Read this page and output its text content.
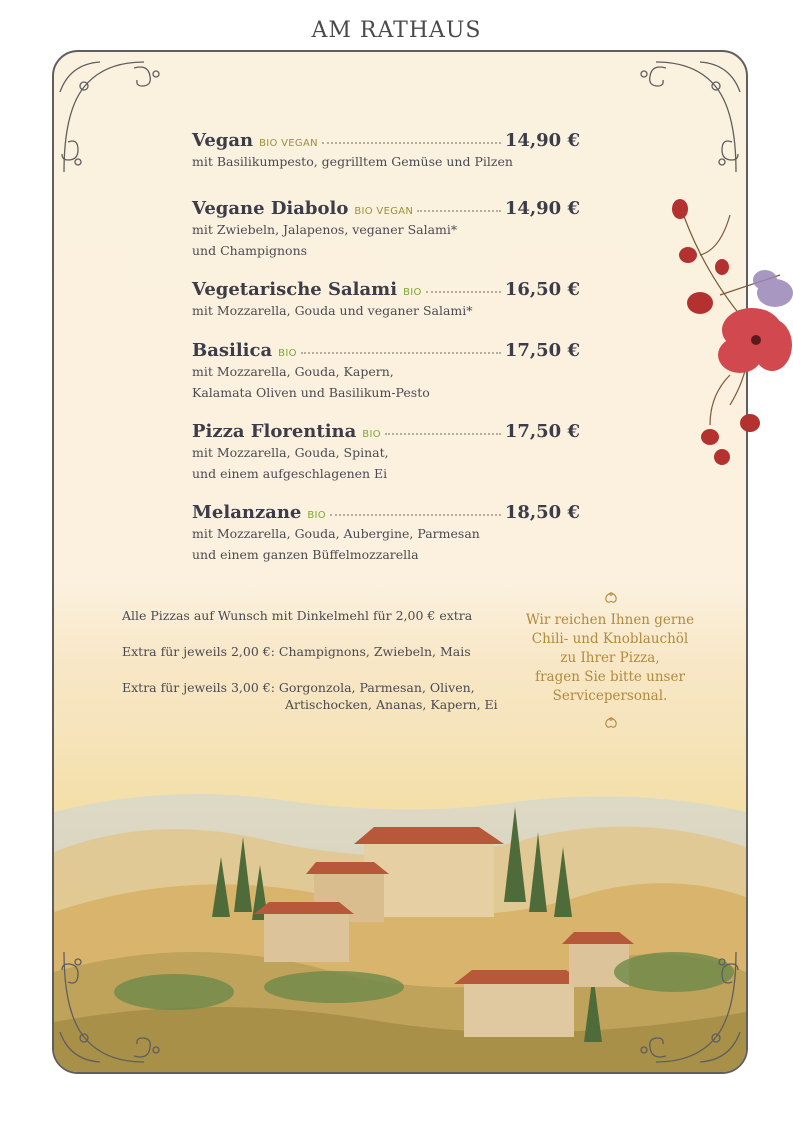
AM RATHAUS
Vegan BIO VEGAN	14,90 €
mit Basilikumpesto, gegrilltem Gemüse und Pilzen
Vegane Diabolo BIO VEGAN	14,90 €
mit Zwiebeln, Jalapenos, veganer Salami*
und Champignons
Vegetarische Salami BIO	16,50 €
mit Mozzarella, Gouda und veganer Salami*
Basilica BIO	17,50 €
mit Mozzarella, Gouda, Kapern,
Kalamata Oliven und Basilikum-Pesto
Pizza Florentina BIO	17,50 €
mit Mozzarella, Gouda, Spinat,
und einem aufgeschlagenen Ei
Melanzane BIO	18,50 €
mit Mozzarella, Gouda, Aubergine, Parmesan
und einem ganzen Büffelmozzarella
Alle Pizzas auf Wunsch mit Dinkelmehl für 2,00 € extra
Extra für jeweils 2,00 €: Champignons, Zwiebeln, Mais
Extra für jeweils 3,00 €: Gorgonzola, Parmesan, Oliven,
Artischocken, Ananas, Kapern, Ei
Wir reichen Ihnen gerne
Chili- und Knoblauchöl
zu Ihrer Pizza,
fragen Sie bitte unser
Servicepersonal.
